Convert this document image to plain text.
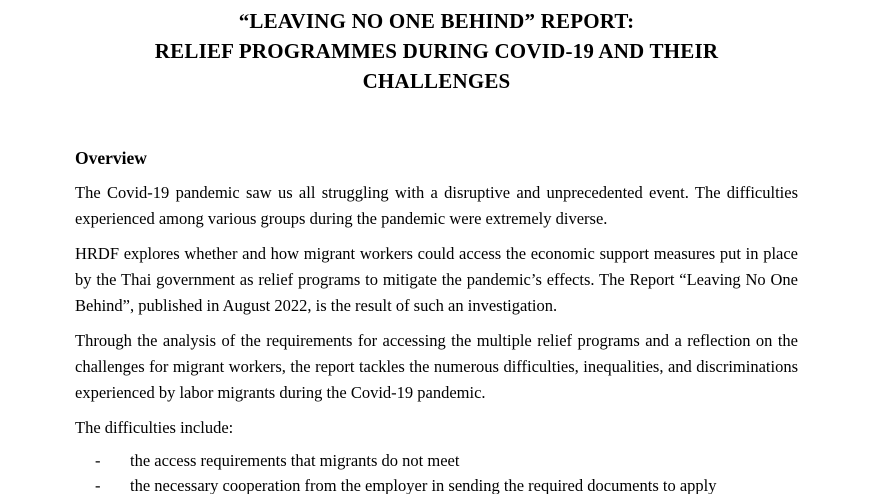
“LEAVING NO ONE BEHIND” REPORT:
RELIEF PROGRAMMES DURING COVID-19 AND THEIR
CHALLENGES
Overview

The Covid-19 pandemic saw us all struggling with a disruptive and unprecedented event. The difficulties experienced among various groups during the pandemic were extremely diverse.

HRDF explores whether and how migrant workers could access the economic support measures put in place by the Thai government as relief programs to mitigate the pandemic’s effects. The Report “Leaving No One Behind”, published in August 2022, is the result of such an investigation.

Through the analysis of the requirements for accessing the multiple relief programs and a reflection on the challenges for migrant workers, the report tackles the numerous difficulties, inequalities, and discriminations experienced by labor migrants during the Covid-19 pandemic.

The difficulties include:

-	the access requirements that migrants do not meet
-	the necessary cooperation from the employer in sending the required documents to apply
